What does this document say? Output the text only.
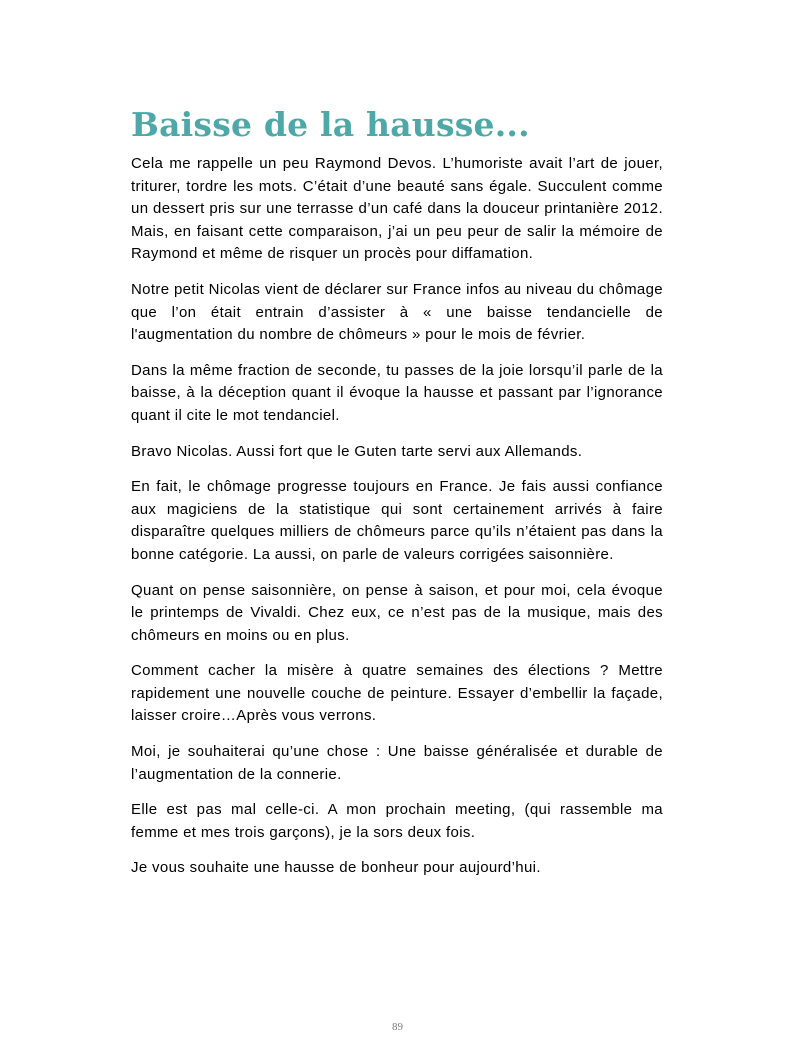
Baisse de la hausse...

Cela me rappelle un peu Raymond Devos. L’humoriste avait l’art de jouer, triturer, tordre les mots. C’était d’une beauté sans égale. Succulent comme un dessert pris sur une terrasse d’un café dans la douceur printanière 2012. Mais, en faisant cette comparaison, j’ai un peu peur de salir la mémoire de Raymond et même de risquer un procès pour diffamation.

Notre petit Nicolas vient de déclarer sur France infos au niveau du chômage que l’on était entrain d’assister à « une baisse tendancielle de l'augmentation du nombre de chômeurs » pour le mois de février.

Dans la même fraction de seconde, tu passes de la joie lorsqu’il parle de la baisse, à la déception quant il évoque la hausse et passant par l’ignorance quant il cite le mot tendanciel.

Bravo Nicolas. Aussi fort que le Guten tarte servi aux Allemands.

En fait, le chômage progresse toujours en France. Je fais aussi confiance aux magiciens de la statistique qui sont certainement arrivés à faire disparaître quelques milliers de chômeurs parce qu’ils n’étaient pas dans la bonne catégorie. La aussi, on parle de valeurs corrigées saisonnière.

Quant on pense saisonnière, on pense à saison, et pour moi, cela évoque le printemps de Vivaldi. Chez eux, ce n’est pas de la musique, mais des chômeurs en moins ou en plus.

Comment cacher la misère à quatre semaines des élections ? Mettre rapidement une nouvelle couche de peinture. Essayer d’embellir la façade, laisser croire…Après vous verrons.

Moi, je souhaiterai qu’une chose : Une baisse généralisée et durable de l’augmentation de la connerie.

Elle est pas mal celle-ci. A mon prochain meeting, (qui rassemble ma femme et mes trois garçons), je la sors deux fois.

Je vous souhaite une hausse de bonheur pour aujourd’hui.

89
